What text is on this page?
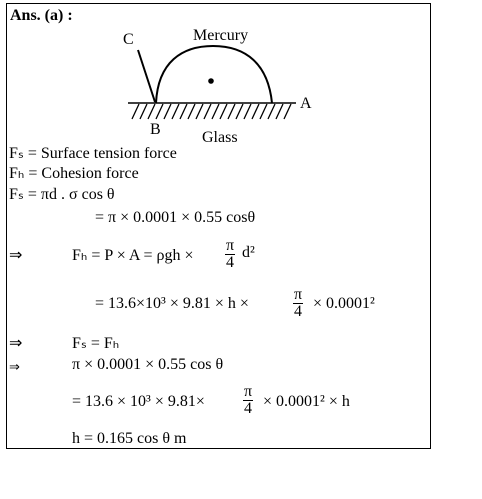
Ans. (a) :
C	Mercury
A
B	Glass
Fₛ = Surface tension force
Fₕ = Cohesion force
Fₛ = πd . σ cos θ
= π × 0.0001 × 0.55 cosθ
⇒	$F_h = P \times A = \rho gh \times \frac{\pi}{4} d^2$
= 13.6×10³ × 9.81 × h ×	$\frac{\pi}{4} \times 0.0001^2$
⇒	Fₛ = Fₕ
⇒	π × 0.0001 × 0.55 cos θ
= $13.6 \times 10^3 \times 9.81\times \frac{\pi}{4} \times 0.0001^2 \times h$
h = 0.165 cos θ m
